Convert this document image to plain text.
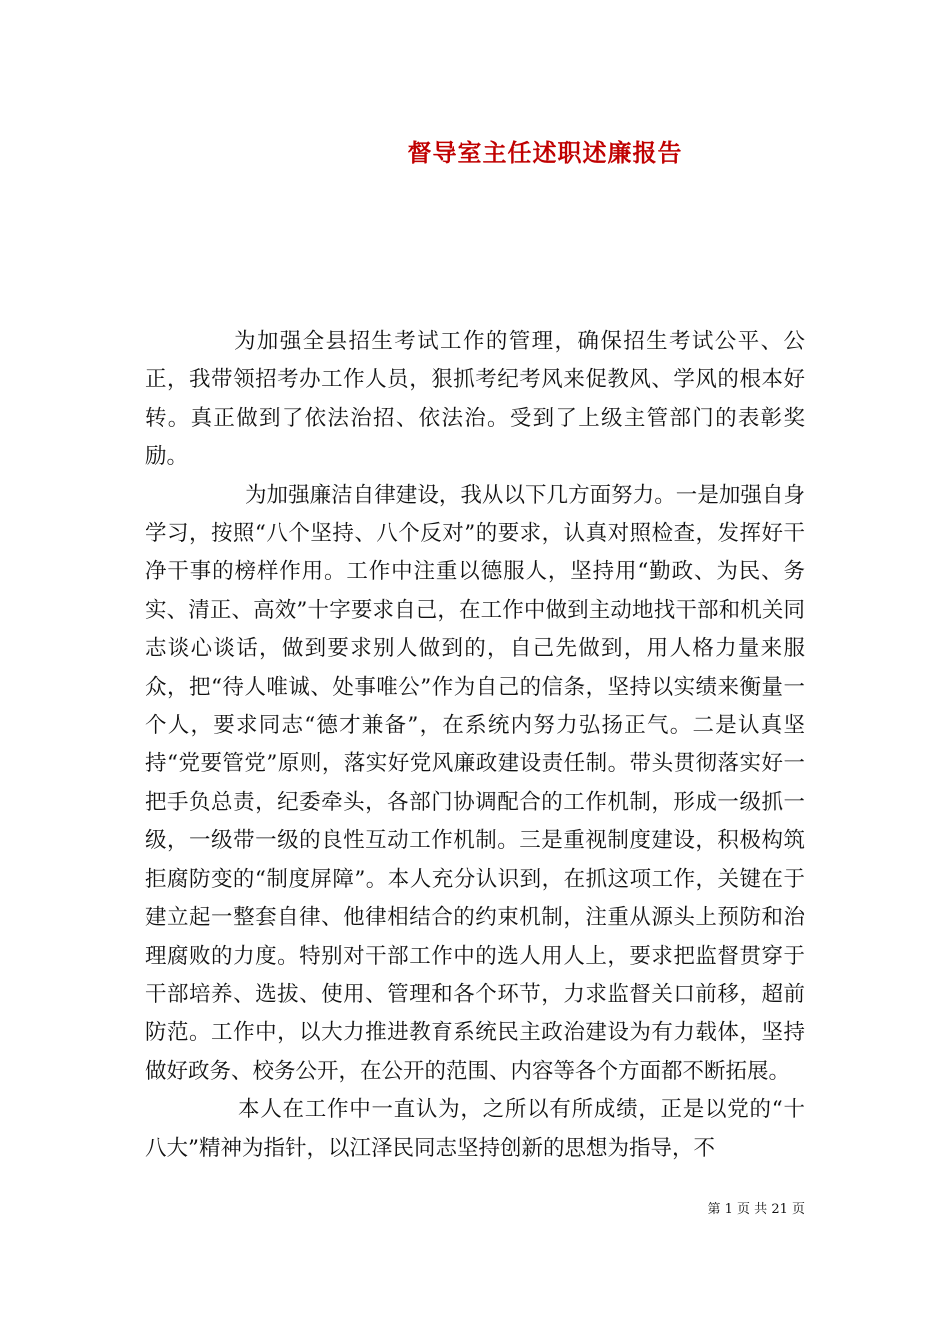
督导室主任述职述廉报告

为加强全县招生考试工作的管理，确保招生考试公平、公正，我带领招考办工作人员，狠抓考纪考风来促教风、学风的根本好转。真正做到了依法治招、依法治。受到了上级主管部门的表彰奖励。

为加强廉洁自律建设，我从以下几方面努力。一是加强自身学习，按照“八个坚持、八个反对”的要求，认真对照检查，发挥好干净干事的榜样作用。工作中注重以德服人，坚持用“勤政、为民、务实、清正、高效”十字要求自己，在工作中做到主动地找干部和机关同志谈心谈话，做到要求别人做到的，自己先做到，用人格力量来服众，把“待人唯诚、处事唯公”作为自己的信条，坚持以实绩来衡量一个人，要求同志“德才兼备”，在系统内努力弘扬正气。二是认真坚持“党要管党”原则，落实好党风廉政建设责任制。带头贯彻落实好一把手负总责，纪委牵头，各部门协调配合的工作机制，形成一级抓一级，一级带一级的良性互动工作机制。三是重视制度建设，积极构筑拒腐防变的“制度屏障”。本人充分认识到，在抓这项工作，关键在于建立起一整套自律、他律相结合的约束机制，注重从源头上预防和治理腐败的力度。特别对干部工作中的选人用人上，要求把监督贯穿于干部培养、选拔、使用、管理和各个环节，力求监督关口前移，超前防范。工作中，以大力推进教育系统民主政治建设为有力载体，坚持做好政务、校务公开，在公开的范围、内容等各个方面都不断拓展。

本人在工作中一直认为，之所以有所成绩，正是以党的“十八大”精神为指针，以江泽民同志坚持创新的思想为指导，不

第 1 页 共 21 页
